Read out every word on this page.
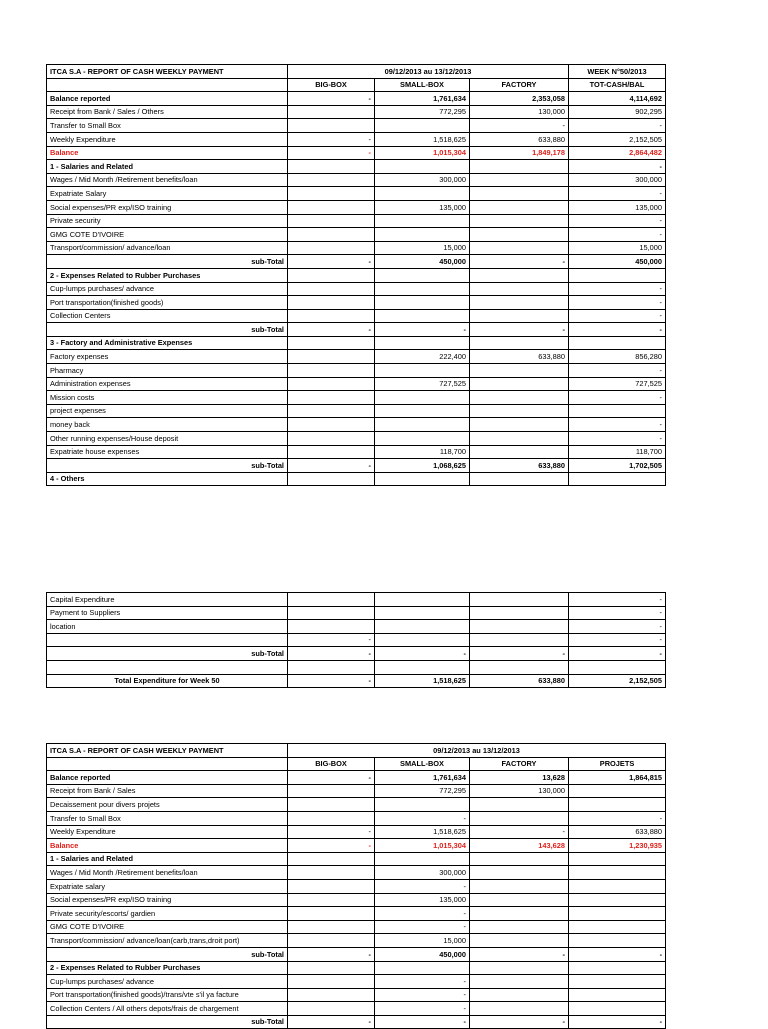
ITCA S.A - REPORT OF CASH WEEKLY PAYMENT	09/12/2013 au 13/12/2013			WEEK N°50/2013
	BIG-BOX	SMALL-BOX	FACTORY	TOT-CASH/BAL
Balance reported	-	1,761,634	2,353,058	4,114,692
Receipt from Bank / Sales / Others		772,295	130,000	902,295
Transfer to Small Box			-	-
Weekly Expenditure	-	1,518,625	633,880	2,152,505
Balance	-	1,015,304	1,849,178	2,864,482
1 - Salaries and Related				-
Wages / Mid Month /Retirement benefits/loan		300,000		300,000
Expatriate Salary				-
Social expenses/PR exp/ISO training		135,000		135,000
Private security				-
GMG COTE D'IVOIRE				-
Transport/commission/ advance/loan		15,000		15,000
sub-Total	-	450,000	-	450,000
2 - Expenses Related to Rubber Purchases				
Cup-lumps purchases/ advance				-
Port transportation(finished goods)				-
Collection Centers				-
sub-Total	-	-	-	-
3 - Factory and Administrative Expenses				
Factory expenses		222,400	633,880	856,280
Pharmacy				-
Administration expenses		727,525		727,525
Mission costs				-
project expenses				
money back				-
Other running expenses/House deposit				-
Expatriate house expenses		118,700		118,700
sub-Total	-	1,068,625	633,880	1,702,505
4 - Others				
Capital Expenditure				-
Payment to Suppliers				-
location				-
	-			-
sub-Total	-	-	-	-

Total Expenditure for Week 50	-	1,518,625	633,880	2,152,505
ITCA S.A - REPORT OF CASH WEEKLY PAYMENT	09/12/2013 au 13/12/2013			
	BIG-BOX	SMALL-BOX	FACTORY	PROJETS
Balance reported	-	1,761,634	13,628	1,864,815
Receipt from Bank / Sales		772,295	130,000	
Decaissement pour divers projets				
Transfer to Small Box		-		-
Weekly Expenditure	-	1,518,625	-	633,880
Balance	-	1,015,304	143,628	1,230,935
1 - Salaries and Related				
Wages / Mid Month /Retirement benefits/loan		300,000		
Expatriate salary		-		
Social expenses/PR exp/ISO training		135,000		
Private security/escorts/ gardien		-		
GMG COTE D'IVOIRE		-		
Transport/commission/ advance/loan(carb,trans,droit port)		15,000		
sub-Total	-	450,000	-	-
2 - Expenses Related to Rubber Purchases				
Cup-lumps purchases/ advance		-		
Port transportation(finished goods)/trans/vte s'il ya facture		-		
Collection Centers / All others depots/frais de chargement		-		
sub-Total	-	-	-	-
